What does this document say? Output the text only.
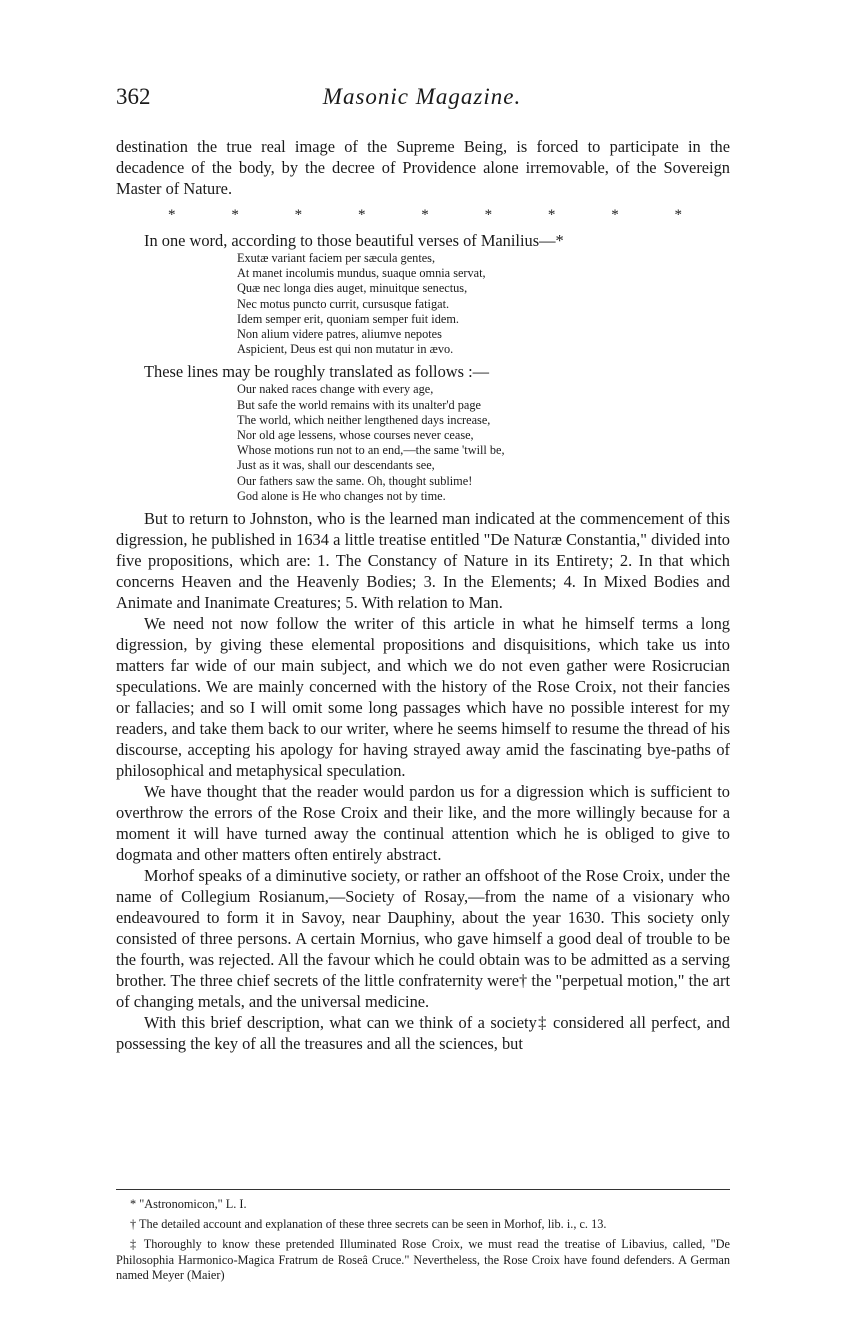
362	Masonic Magazine.

destination the true real image of the Supreme Being, is forced to participate in the decadence of the body, by the decree of Providence alone irremovable, of the Sovereign Master of Nature.

*	*	*	*	*	*	*	*	*

In one word, according to those beautiful verses of Manilius—*

Exutæ variant faciem per sæcula gentes,
At manet incolumis mundus, suaque omnia servat,
Quæ nec longa dies auget, minuitque senectus,
Nec motus puncto currit, cursusque fatigat.
Idem semper erit, quoniam semper fuit idem.
Non alium videre patres, aliumve nepotes
Aspicient, Deus est qui non mutatur in ævo.

These lines may be roughly translated as follows :—

Our naked races change with every age,
But safe the world remains with its unalter'd page
The world, which neither lengthened days increase,
Nor old age lessens, whose courses never cease,
Whose motions run not to an end,—the same 'twill be,
Just as it was, shall our descendants see,
Our fathers saw the same. Oh, thought sublime!
God alone is He who changes not by time.

But to return to Johnston, who is the learned man indicated at the commencement of this digression, he published in 1634 a little treatise entitled "De Naturæ Constantia," divided into five propositions, which are: 1. The Constancy of Nature in its Entirety; 2. In that which concerns Heaven and the Heavenly Bodies; 3. In the Elements; 4. In Mixed Bodies and Animate and Inanimate Creatures; 5. With relation to Man.

We need not now follow the writer of this article in what he himself terms a long digression, by giving these elemental propositions and disquisitions, which take us into matters far wide of our main subject, and which we do not even gather were Rosicrucian speculations. We are mainly concerned with the history of the Rose Croix, not their fancies or fallacies; and so I will omit some long passages which have no possible interest for my readers, and take them back to our writer, where he seems himself to resume the thread of his discourse, accepting his apology for having strayed away amid the fascinating bye-paths of philosophical and metaphysical speculation.

We have thought that the reader would pardon us for a digression which is sufficient to overthrow the errors of the Rose Croix and their like, and the more willingly because for a moment it will have turned away the continual attention which he is obliged to give to dogmata and other matters often entirely abstract.

Morhof speaks of a diminutive society, or rather an offshoot of the Rose Croix, under the name of Collegium Rosianum,—Society of Rosay,—from the name of a visionary who endeavoured to form it in Savoy, near Dauphiny, about the year 1630. This society only consisted of three persons. A certain Mornius, who gave himself a good deal of trouble to be the fourth, was rejected. All the favour which he could obtain was to be admitted as a serving brother. The three chief secrets of the little confraternity were† the "perpetual motion," the art of changing metals, and the universal medicine.

With this brief description, what can we think of a society‡ considered all perfect, and possessing the key of all the treasures and all the sciences, but

* "Astronomicon," L. I.

† The detailed account and explanation of these three secrets can be seen in Morhof, lib. i., c. 13.

‡ Thoroughly to know these pretended Illuminated Rose Croix, we must read the treatise of Libavius, called, "De Philosophia Harmonico-Magica Fratrum de Roseâ Cruce." Nevertheless, the Rose Croix have found defenders. A German named Meyer (Maier)
